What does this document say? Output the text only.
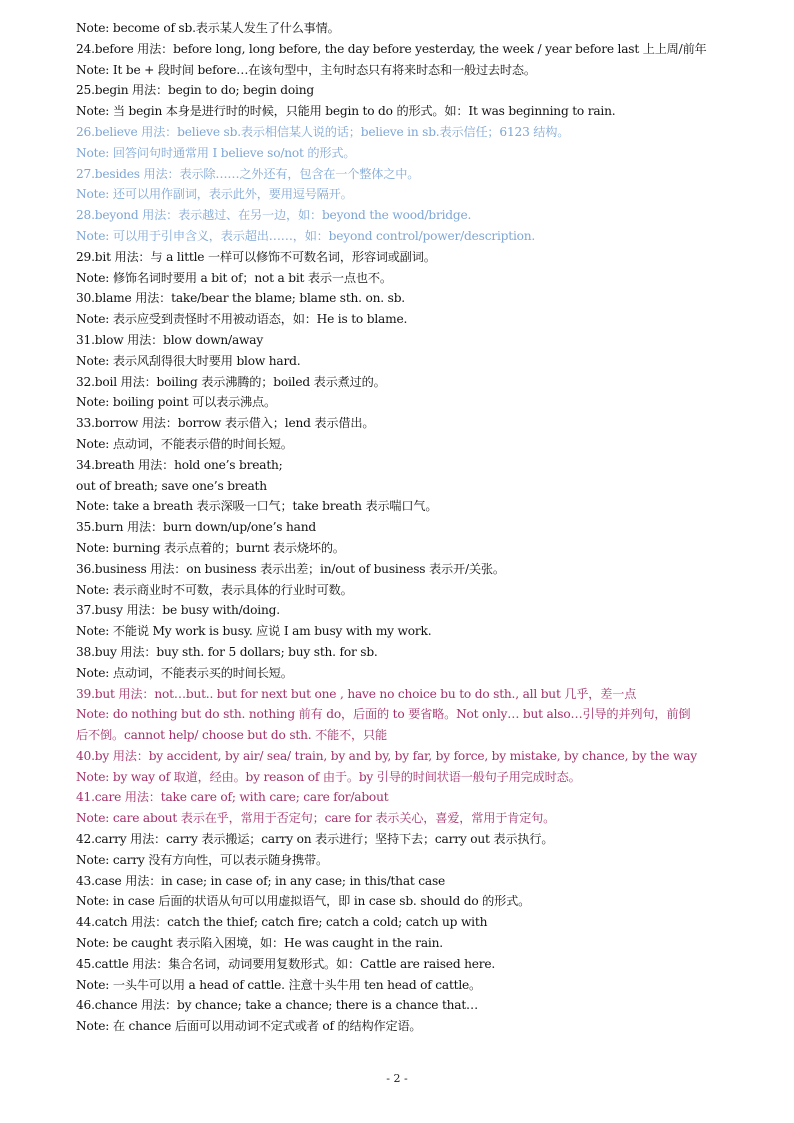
Note: become of sb.表示某人发生了什么事情。
24.before 用法：before long, long before, the day before yesterday, the week / year before last 上上周/前年
Note: It be + 段时间 before…在该句型中，主句时态只有将来时态和一般过去时态。
25.begin 用法：begin to do; begin doing
Note: 当 begin 本身是进行时的时候，只能用 begin to do 的形式。如：It was beginning to rain.
26.believe 用法：believe sb.表示相信某人说的话；believe in sb.表示信任；6123 结构。
Note: 回答问句时通常用 I believe so/not 的形式。
27.besides 用法：表示除……之外还有，包含在一个整体之中。
Note: 还可以用作副词，表示此外，要用逗号隔开。
28.beyond 用法：表示越过、在另一边，如：beyond the wood/bridge.
Note: 可以用于引申含义，表示超出……，如：beyond control/power/description.
29.bit 用法：与 a little 一样可以修饰不可数名词，形容词或副词。
Note: 修饰名词时要用 a bit of；not a bit 表示一点也不。
30.blame 用法：take/bear the blame; blame sth. on. sb.
Note: 表示应受到责怪时不用被动语态，如：He is to blame.
31.blow 用法：blow down/away
Note: 表示风刮得很大时要用 blow hard.
32.boil 用法：boiling 表示沸腾的；boiled 表示煮过的。
Note: boiling point 可以表示沸点。
33.borrow 用法：borrow 表示借入；lend 表示借出。
Note: 点动词，不能表示借的时间长短。
34.breath 用法：hold one’s breath;
out of breath; save one’s breath
Note: take a breath 表示深吸一口气；take breath 表示喘口气。
35.burn 用法：burn down/up/one’s hand
Note: burning 表示点着的；burnt 表示烧坏的。
36.business 用法：on business 表示出差；in/out of business 表示开/关张。
Note: 表示商业时不可数，表示具体的行业时可数。
37.busy 用法：be busy with/doing.
Note: 不能说 My work is busy. 应说 I am busy with my work.
38.buy 用法：buy sth. for 5 dollars; buy sth. for sb.
Note: 点动词，不能表示买的时间长短。
39.but 用法：not…but.. but for next but one , have no choice bu to do sth., all but 几乎，差一点
Note: do nothing but do sth. nothing 前有 do，后面的 to 要省略。Not only… but also…引导的并列句，前倒
后不倒。cannot help/ choose but do sth. 不能不，只能
40.by 用法：by accident, by air/ sea/ train, by and by, by far, by force, by mistake, by chance, by the way
Note: by way of 取道，经由。by reason of 由于。by 引导的时间状语一般句子用完成时态。
41.care 用法：take care of; with care; care for/about
Note: care about 表示在乎，常用于否定句；care for 表示关心，喜爱，常用于肯定句。
42.carry 用法：carry 表示搬运；carry on 表示进行；坚持下去；carry out 表示执行。
Note: carry 没有方向性，可以表示随身携带。
43.case 用法：in case; in case of; in any case; in this/that case
Note: in case 后面的状语从句可以用虚拟语气，即 in case sb. should do 的形式。
44.catch 用法：catch the thief; catch fire; catch a cold; catch up with
Note: be caught 表示陷入困境，如：He was caught in the rain.
45.cattle 用法：集合名词，动词要用复数形式。如：Cattle are raised here.
Note: 一头牛可以用 a head of cattle. 注意十头牛用 ten head of cattle。
46.chance 用法：by chance; take a chance; there is a chance that…
Note: 在 chance 后面可以用动词不定式或者 of 的结构作定语。
- 2 -
